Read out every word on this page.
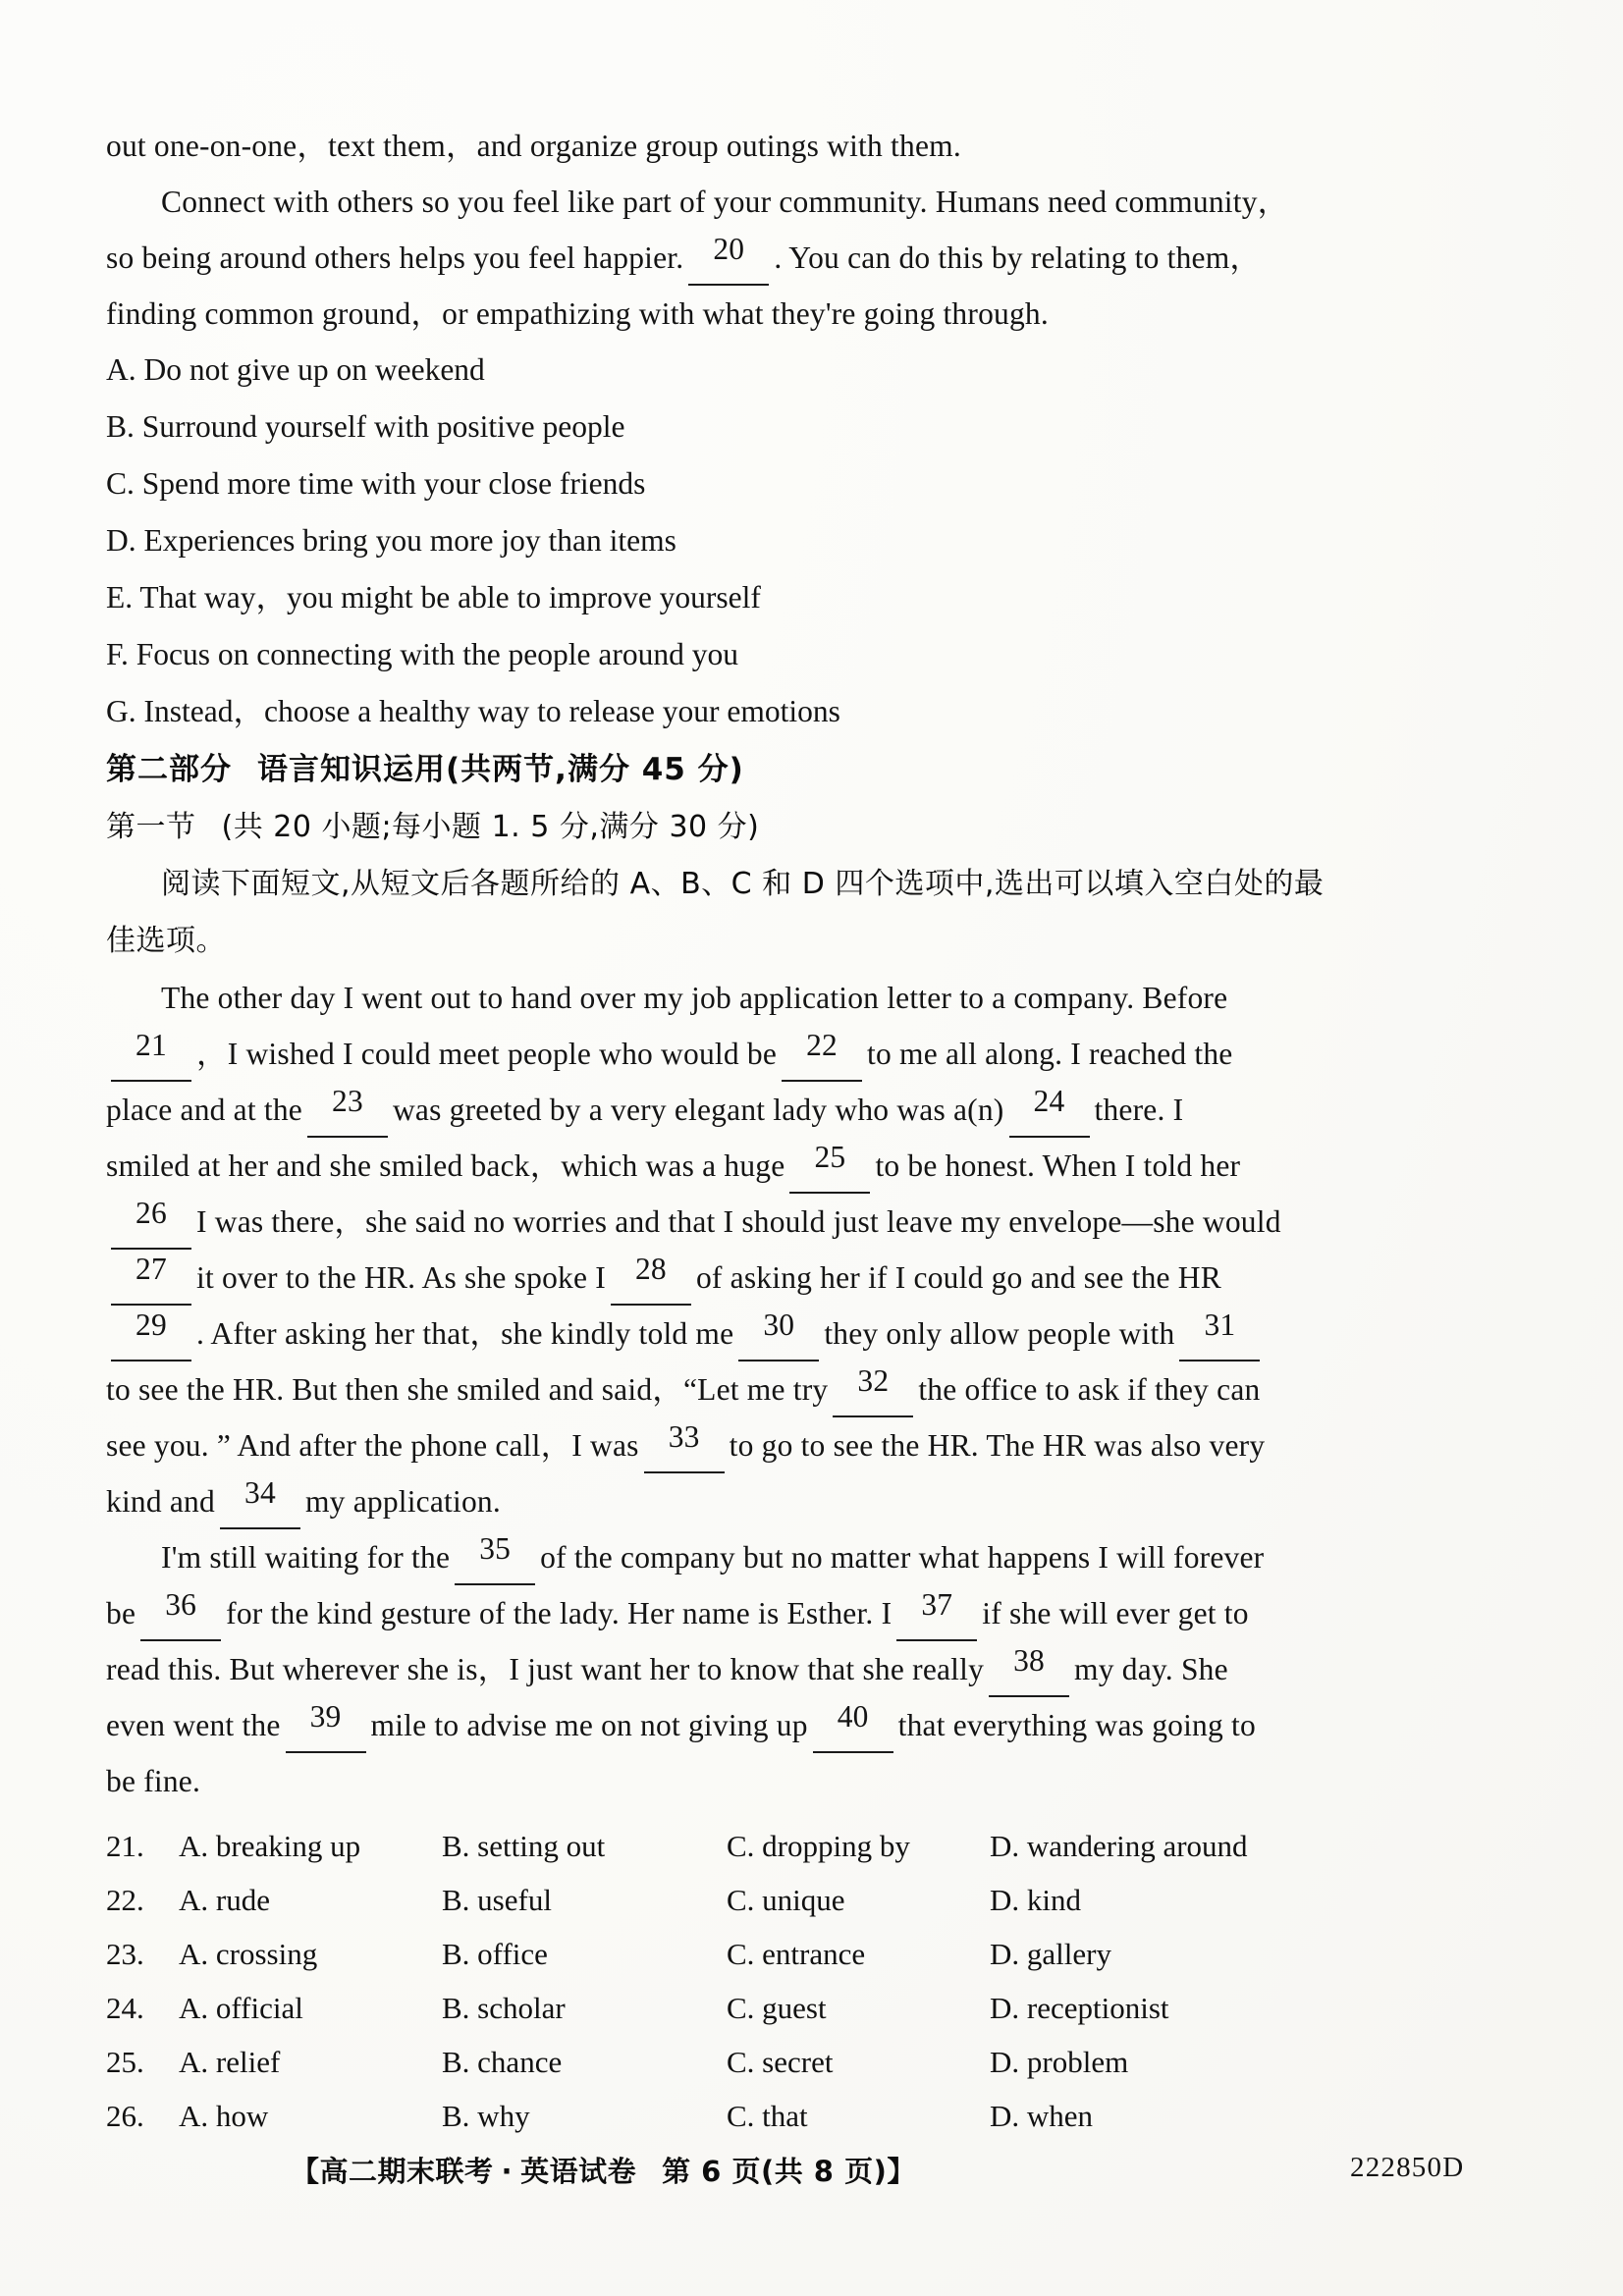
out one-on-one，text them，and organize group outings with them.
Connect with others so you feel like part of your community. Humans need community，
so being around others helps you feel happier. 20 . You can do this by relating to them，
finding common ground，or empathizing with what they're going through.
A. Do not give up on weekend
B. Surround yourself with positive people
C. Spend more time with your close friends
D. Experiences bring you more joy than items
E. That way，you might be able to improve yourself
F. Focus on connecting with the people around you
G. Instead，choose a healthy way to release your emotions
第二部分 语言知识运用(共两节,满分 45 分)
第一节 (共 20 小题;每小题 1. 5 分,满分 30 分)
阅读下面短文,从短文后各题所给的 A、B、C 和 D 四个选项中,选出可以填入空白处的最
佳选项。
The other day I went out to hand over my job application letter to a company. Before
21 ，I wished I could meet people who would be 22 to me all along. I reached the
place and at the 23 was greeted by a very elegant lady who was a(n) 24 there. I
smiled at her and she smiled back，which was a huge 25 to be honest. When I told her
26 I was there，she said no worries and that I should just leave my envelope—she would
27 it over to the HR. As she spoke I 28 of asking her if I could go and see the HR
29 . After asking her that，she kindly told me 30 they only allow people with 31
to see the HR. But then she smiled and said，“Let me try 32 the office to ask if they can
see you. ” And after the phone call，I was 33 to go to see the HR. The HR was also very
kind and 34 my application.
I'm still waiting for the 35 of the company but no matter what happens I will forever
be 36 for the kind gesture of the lady. Her name is Esther. I 37 if she will ever get to
read this. But wherever she is，I just want her to know that she really 38 my day. She
even went the 39 mile to advise me on not giving up 40 that everything was going to
be fine.
21.	A. breaking up	B. setting out	C. dropping by	D. wandering around
22.	A. rude	B. useful	C. unique	D. kind
23.	A. crossing	B. office	C. entrance	D. gallery
24.	A. official	B. scholar	C. guest	D. receptionist
25.	A. relief	B. chance	C. secret	D. problem
26.	A. how	B. why	C. that	D. when
【高二期末联考 · 英语试卷 第 6 页(共 8 页)】	222850D
